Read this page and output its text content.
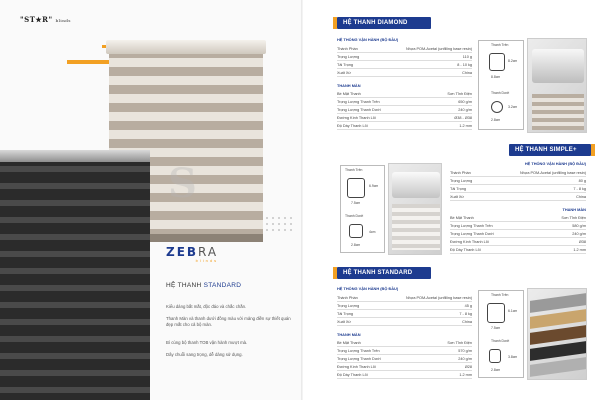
"ST★R" blinds
S
ZEBRA
blinds
HỆ THANH STANDARD
Kiểu dáng bắt mắt, độc đáo và chắc chắn.
Thanh Màn và thanh dưới đồng màu với mảng điền sự thiết quán đẹp mắt cho cả bộ màn.
Bì cùng bộ thanh TOB vận hành mượt mà.
Dây chuỗi sang trọng, dễ dàng sử dụng.
HỆ THANH DIAMOND
HỆ THỐNG VẬN HÀNH (BỘ ĐẦU)
Thành Phần	Nhựa POM-Acetal (unfilling base resin)
Trọng Lượng	110 g
Tải Trọng	8 - 10 kg
Xuất Xứ	China
THANH MÀN
Bề Mặt Thanh	Sơn Tĩnh Điện
Trọng Lượng Thanh Trên	650 g/m
Trọng Lượng Thanh Dưới	240 g/m
Đường Kính Thanh Lõi	Ø38 - Ø38
Độ Dày Thanh Lõi	1.2 mm
Thanh Trên
8.2cm
8.8cm
Thanh Dưới
3.2cm
2.8cm
HỆ THANH SIMPLE+
Thanh Trên
6.9cm
7.5cm
Thanh Dưới
4cm
2.8cm
HỆ THỐNG VẬN HÀNH (BỘ ĐẦU)
Thành Phần	Nhựa POM-Acetal (unfilling base resin)
Trọng Lượng	80 g
Tải Trọng	7 - 8 kg
Xuất Xứ	China
THANH MÀN
Bề Mặt Thanh	Sơn Tĩnh Điện
Trọng Lượng Thanh Trên	580 g/m
Trọng Lượng Thanh Dưới	240 g/m
Đường Kính Thanh Lõi	Ø38
Độ Dày Thanh Lõi	1.2 mm
HỆ THANH STANDARD
HỆ THỐNG VẬN HÀNH (BỘ ĐẦU)
Thành Phần	Nhựa POM-Acetal (unfilling base resin)
Trọng Lượng	45 g
Tải Trọng	7 - 8 kg
Xuất Xứ	China
THANH MÀN
Bề Mặt Thanh	Sơn Tĩnh Điện
Trọng Lượng Thanh Trên	570 g/m
Trọng Lượng Thanh Dưới	240 g/m
Đường Kính Thanh Lõi	Ø28
Độ Dày Thanh Lõi	1.2 mm
Thanh Trên
6.1cm
7.5cm
Thanh Dưới
3.8cm
2.8cm
